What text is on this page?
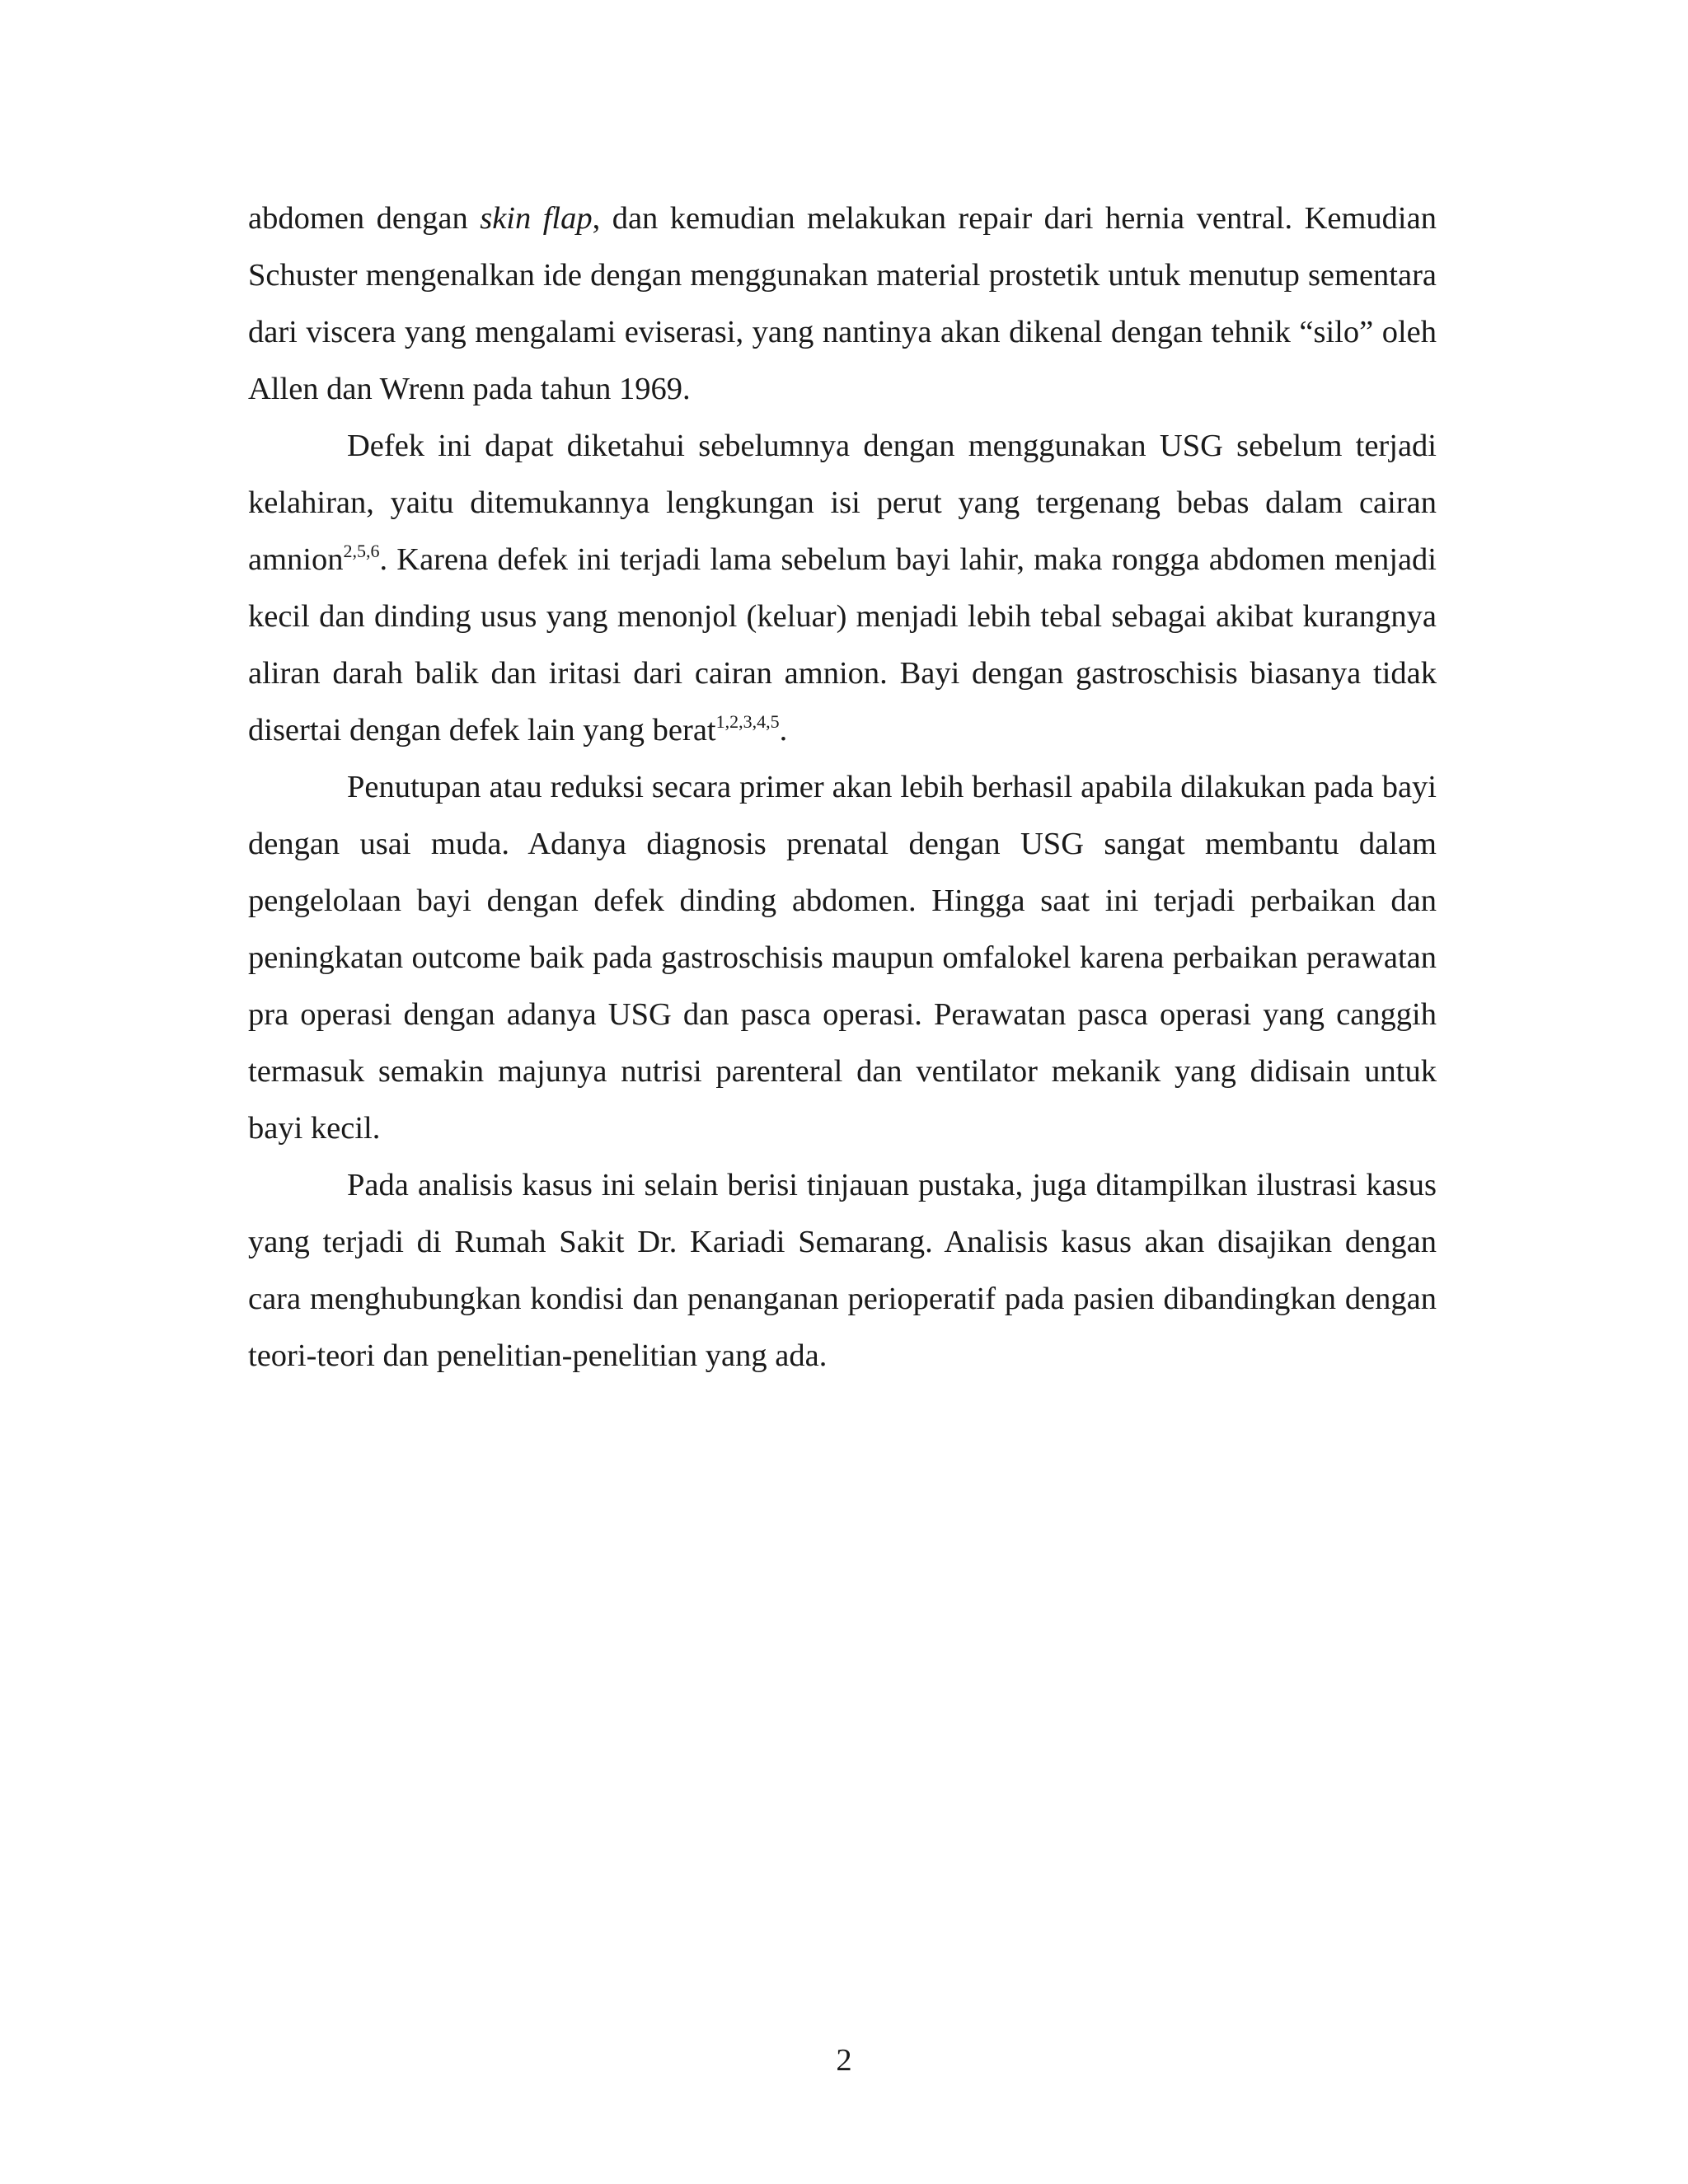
abdomen dengan skin flap, dan kemudian melakukan repair dari hernia ventral. Kemudian Schuster mengenalkan ide dengan menggunakan material prostetik untuk menutup sementara dari viscera yang mengalami eviserasi, yang nantinya akan dikenal dengan tehnik “silo” oleh Allen dan Wrenn pada tahun 1969.

Defek ini dapat diketahui sebelumnya dengan menggunakan USG sebelum terjadi kelahiran, yaitu ditemukannya lengkungan isi perut yang tergenang bebas dalam cairan amnion$^{2,5,6}$. Karena defek ini terjadi lama sebelum bayi lahir, maka rongga abdomen menjadi kecil dan dinding usus yang menonjol (keluar) menjadi lebih tebal sebagai akibat kurangnya aliran darah balik dan iritasi dari cairan amnion. Bayi dengan gastroschisis biasanya tidak disertai dengan defek lain yang berat$^{1,2,3,4,5}$.

Penutupan atau reduksi secara primer akan lebih berhasil apabila dilakukan pada bayi dengan usai muda. Adanya diagnosis prenatal dengan USG sangat membantu dalam pengelolaan bayi dengan defek dinding abdomen. Hingga saat ini terjadi perbaikan dan peningkatan outcome baik pada gastroschisis maupun omfalokel karena perbaikan perawatan pra operasi dengan adanya USG dan pasca operasi. Perawatan pasca operasi yang canggih termasuk semakin majunya nutrisi parenteral dan ventilator mekanik yang didisain untuk bayi kecil.

Pada analisis kasus ini selain berisi tinjauan pustaka, juga ditampilkan ilustrasi kasus yang terjadi di Rumah Sakit Dr. Kariadi Semarang. Analisis kasus akan disajikan dengan cara menghubungkan kondisi dan penanganan perioperatif pada pasien dibandingkan dengan teori-teori dan penelitian-penelitian yang ada.

2
